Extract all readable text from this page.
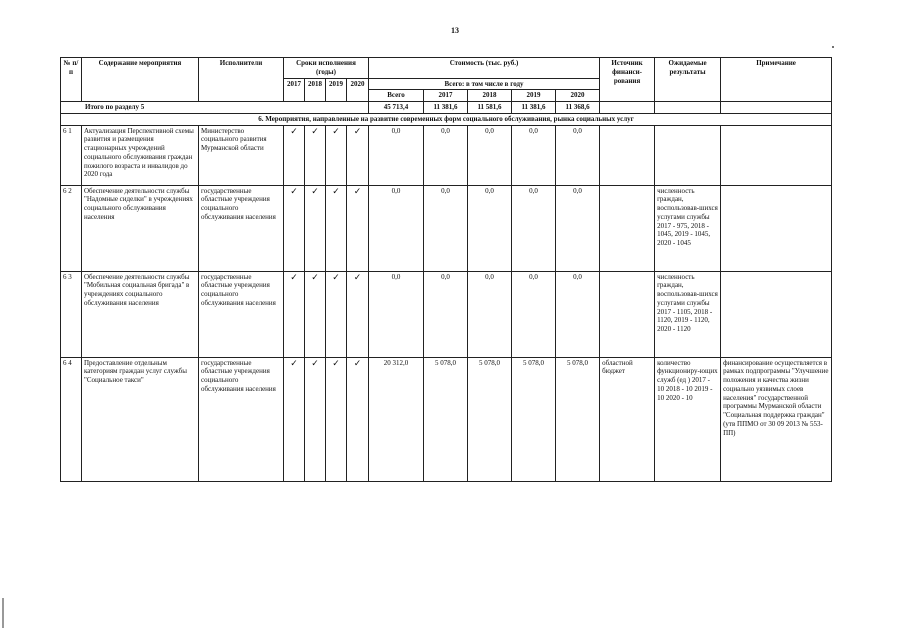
13
№ п/п	Содержание мероприятия	Исполнители	Сроки исполнения (годы)				Стоимость (тыс. руб.)					Источник финанси-рования	Ожидаемые результаты	Примечание
			2017	2018	2019	2020	Всего: в том числе в году							
							Всего	2017	2018	2019	2020			
Итого по разделу 5							45 713,4	11 381,6	11 581,6	11 381,6	11 368,6			
6. Мероприятия, направленные на развитие современных форм социального обслуживания, рынка социальных услуг														
6 1	Актуализация Перспективной схемы развития и размещения стационарных учреждений социального обслуживания граждан пожилого возраста и инвалидов до 2020 года	Министерство социального развития Мурманской области	✓	✓	✓	✓	0,0	0,0	0,0	0,0	0,0			
6 2	Обеспечение деятельности службы "Надомные сиделки" в учреждениях социального обслуживания населения	государственные областные учреждения социального обслуживания населения	✓	✓	✓	✓	0,0	0,0	0,0	0,0	0,0		численность граждан, воспользовав-шихся услугами службы 2017 - 975, 2018 - 1045, 2019 - 1045, 2020 - 1045	
6 3	Обеспечение деятельности службы "Мобильная социальная бригада" в учреждениях социального обслуживания населения	государственные областные учреждения социального обслуживания населения	✓	✓	✓	✓	0,0	0,0	0,0	0,0	0,0		численность граждан, воспользовав-шихся услугами службы 2017 - 1105, 2018 - 1120, 2019 - 1120, 2020 - 1120	
6 4	Предоставление отдельным категориям граждан услуг службы "Социальное такси"	государственные областные учреждения социального обслуживания населения	✓	✓	✓	✓	20 312,0	5 078,0	5 078,0	5 078,0	5 078,0	областной бюджет	количество функциониру-ющих служб (ед ) 2017 - 10 2018 - 10 2019 - 10 2020 - 10	финансирование осуществляется в рамках подпрограммы "Улучшение положения и качества жизни социально уязвимых слоев населения" государственной программы Мурманской области "Социальная поддержка граждан" (утв ППМО от 30 09 2013 № 553-ПП)
